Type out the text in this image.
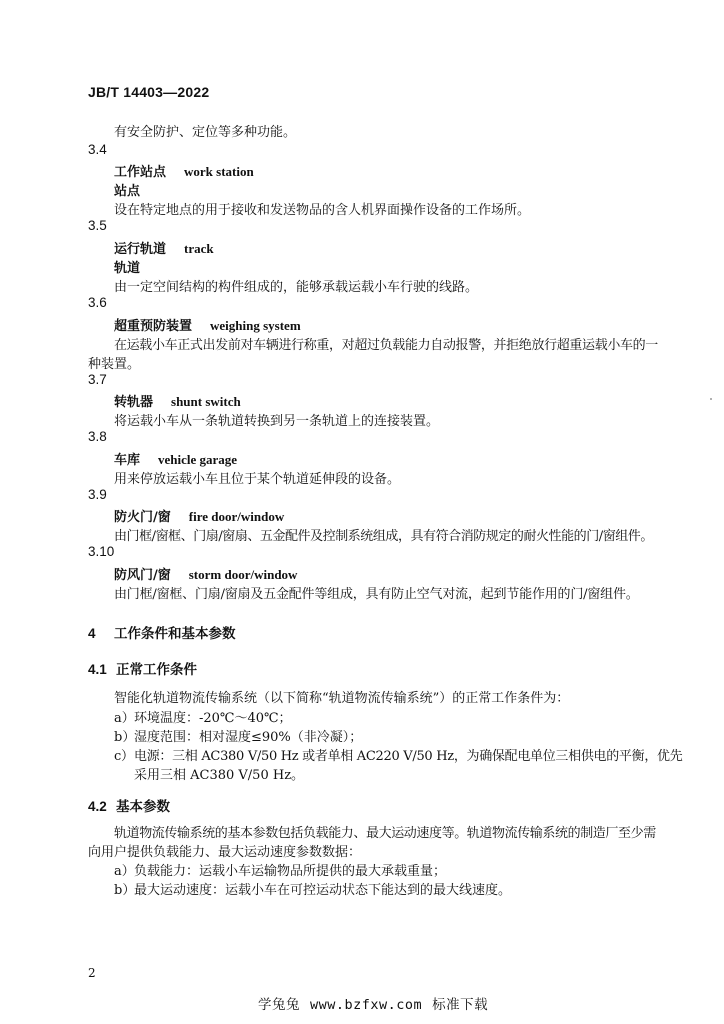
JB/T 14403—2022
有安全防护、定位等多种功能。
3.4
工作站点 work station
站点
设在特定地点的用于接收和发送物品的含人机界面操作设备的工作场所。
3.5
运行轨道 track
轨道
由一定空间结构的构件组成的，能够承载运载小车行驶的线路。
3.6
超重预防装置 weighing system
在运载小车正式出发前对车辆进行称重，对超过负载能力自动报警，并拒绝放行超重运载小车的一
种装置。
3.7
转轨器 shunt switch
将运载小车从一条轨道转换到另一条轨道上的连接装置。
3.8
车库 vehicle garage
用来停放运载小车且位于某个轨道延伸段的设备。
3.9
防火门/窗 fire door/window
由门框/窗框、门扇/窗扇、五金配件及控制系统组成，具有符合消防规定的耐火性能的门/窗组件。
3.10
防风门/窗 storm door/window
由门框/窗框、门扇/窗扇及五金配件等组成，具有防止空气对流，起到节能作用的门/窗组件。
4 工作条件和基本参数
4.1 正常工作条件
智能化轨道物流传输系统（以下简称“轨道物流传输系统”）的正常工作条件为：
a）环境温度：-20℃～40℃；
b）湿度范围：相对湿度≤90%（非冷凝）；
c）电源：三相 AC380 V/50 Hz 或者单相 AC220 V/50 Hz，为确保配电单位三相供电的平衡，优先
采用三相 AC380 V/50 Hz。
4.2 基本参数
轨道物流传输系统的基本参数包括负载能力、最大运动速度等。轨道物流传输系统的制造厂至少需
向用户提供负载能力、最大运动速度参数数据：
a）负载能力：运载小车运输物品所提供的最大承载重量；
b）最大运动速度：运载小车在可控运动状态下能达到的最大线速度。
2
学兔兔 www.bzfxw.com 标准下载
